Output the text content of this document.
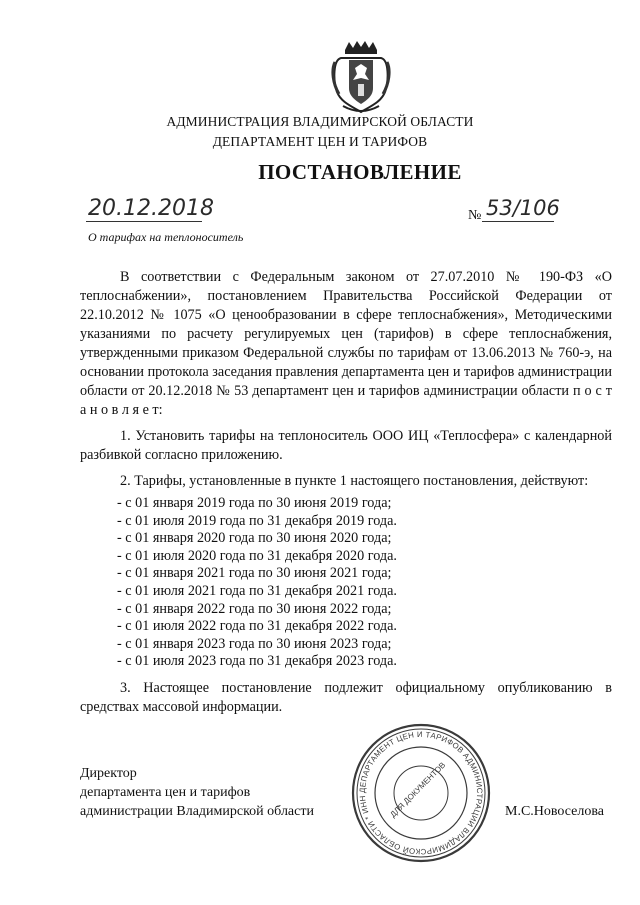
АДМИНИСТРАЦИЯ ВЛАДИМИРСКОЙ ОБЛАСТИ
ДЕПАРТАМЕНТ ЦЕН И ТАРИФОВ
ПОСТАНОВЛЕНИЕ
20.12.2018	№ 53/106
О тарифах на теплоноситель

В соответствии с Федеральным законом от 27.07.2010 № 190-ФЗ «О теплоснабжении», постановлением Правительства Российской Федерации от 22.10.2012 № 1075 «О ценообразовании в сфере теплоснабжения», Методическими указаниями по расчету регулируемых цен (тарифов) в сфере теплоснабжения, утвержденными приказом Федеральной службы по тарифам от 13.06.2013 № 760-э, на основании протокола заседания правления департамента цен и тарифов администрации области от 20.12.2018 № 53 департамент цен и тарифов администрации области п о с т а н о в л я е т:

1. Установить тарифы на теплоноситель ООО ИЦ «Теплосфера» с календарной разбивкой согласно приложению.

2. Тарифы, установленные в пункте 1 настоящего постановления, действуют:

- с 01 января 2019 года по 30 июня 2019 года;
- с 01 июля 2019 года по 31 декабря 2019 года.
- с 01 января 2020 года по 30 июня 2020 года;
- с 01 июля 2020 года по 31 декабря 2020 года.
- с 01 января 2021 года по 30 июня 2021 года;
- с 01 июля 2021 года по 31 декабря 2021 года.
- с 01 января 2022 года по 30 июня 2022 года;
- с 01 июля 2022 года по 31 декабря 2022 года.
- с 01 января 2023 года по 30 июня 2023 года;
- с 01 июля 2023 года по 31 декабря 2023 года.

3. Настоящее постановление подлежит официальному опубликованию в средствах массовой информации.

Директор
департамента цен и тарифов
администрации Владимирской области	М.С.Новоселова
ДЕПАРТАМЕНТ ЦЕН И ТАРИФОВ АДМИНИСТРАЦИИ ВЛАДИМИРСКОЙ ОБЛАСТИ * ИНН	ДЛЯ ДОКУМЕНТОВ
